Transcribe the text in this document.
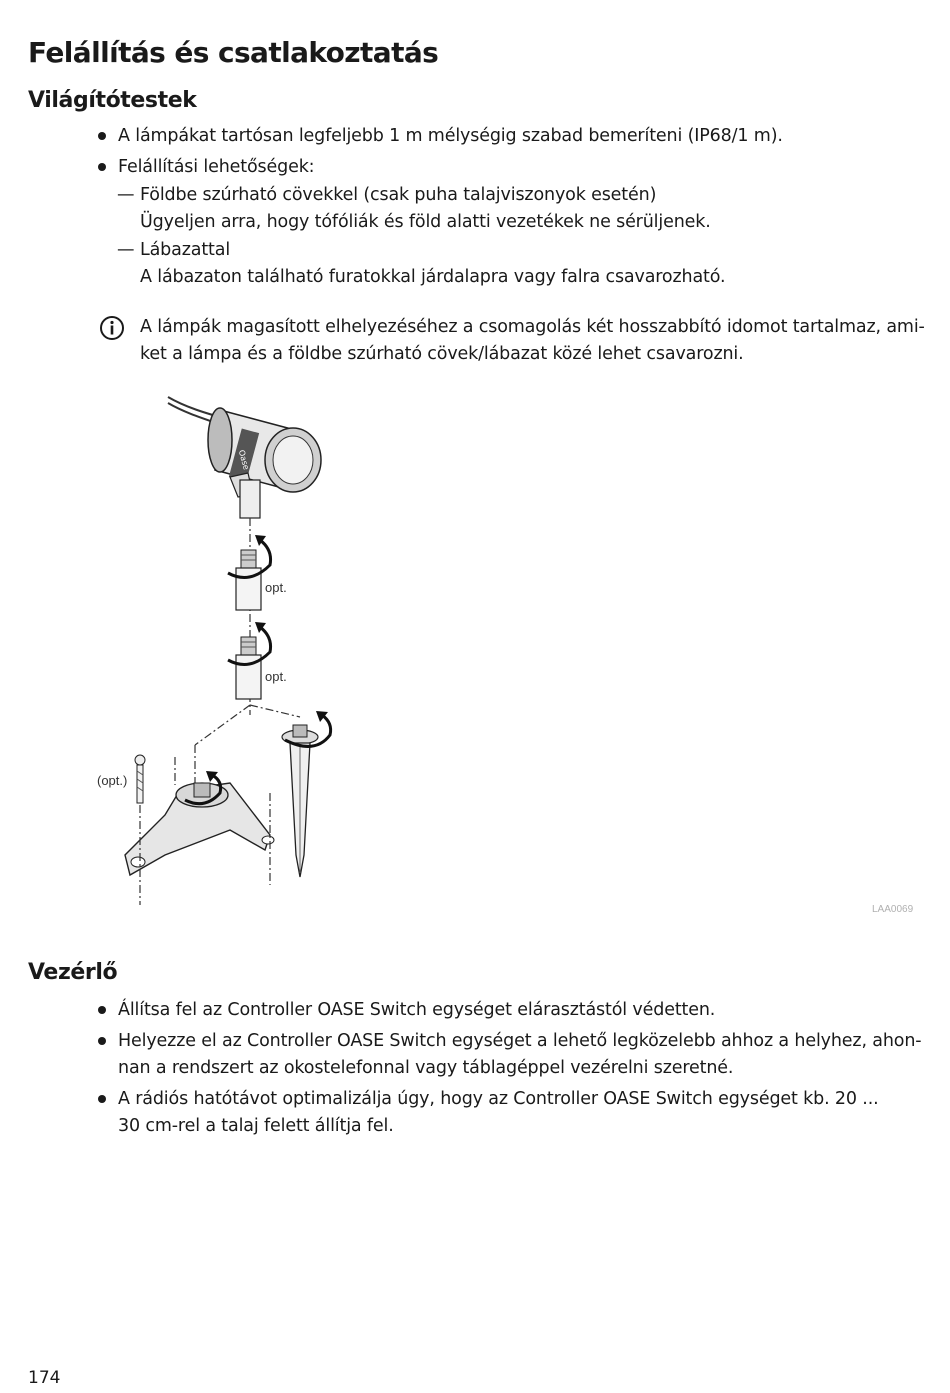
Felállítás és csatlakoztatás
Világítótestek
A lámpákat tartósan legfeljebb 1 m mélységig szabad bemeríteni (IP68/1 m).
Felállítási lehetőségek:
— Földbe szúrható cövekkel (csak puha talajviszonyok esetén)
Ügyeljen arra, hogy tófóliák és föld alatti vezetékek ne sérüljenek.
— Lábazattal
A lábazaton található furatokkal járdalapra vagy falra csavarozható.
A lámpák magasított elhelyezéséhez a csomagolás két hosszabbító idomot tartalmaz, ami-
ket a lámpa és a földbe szúrható cövek/lábazat közé lehet csavarozni.
Oase
opt.
opt.
(opt.)
LAA0069
Vezérlő
Állítsa fel az Controller OASE Switch egységet elárasztástól védetten.
Helyezze el az Controller OASE Switch egységet a lehető legközelebb ahhoz a helyhez, ahon-
nan a rendszert az okostelefonnal vagy táblagéppel vezérelni szeretné.
A rádiós hatótávot optimalizálja úgy, hogy az Controller OASE Switch egységet kb. 20 ...
30 cm-rel a talaj felett állítja fel.
174
